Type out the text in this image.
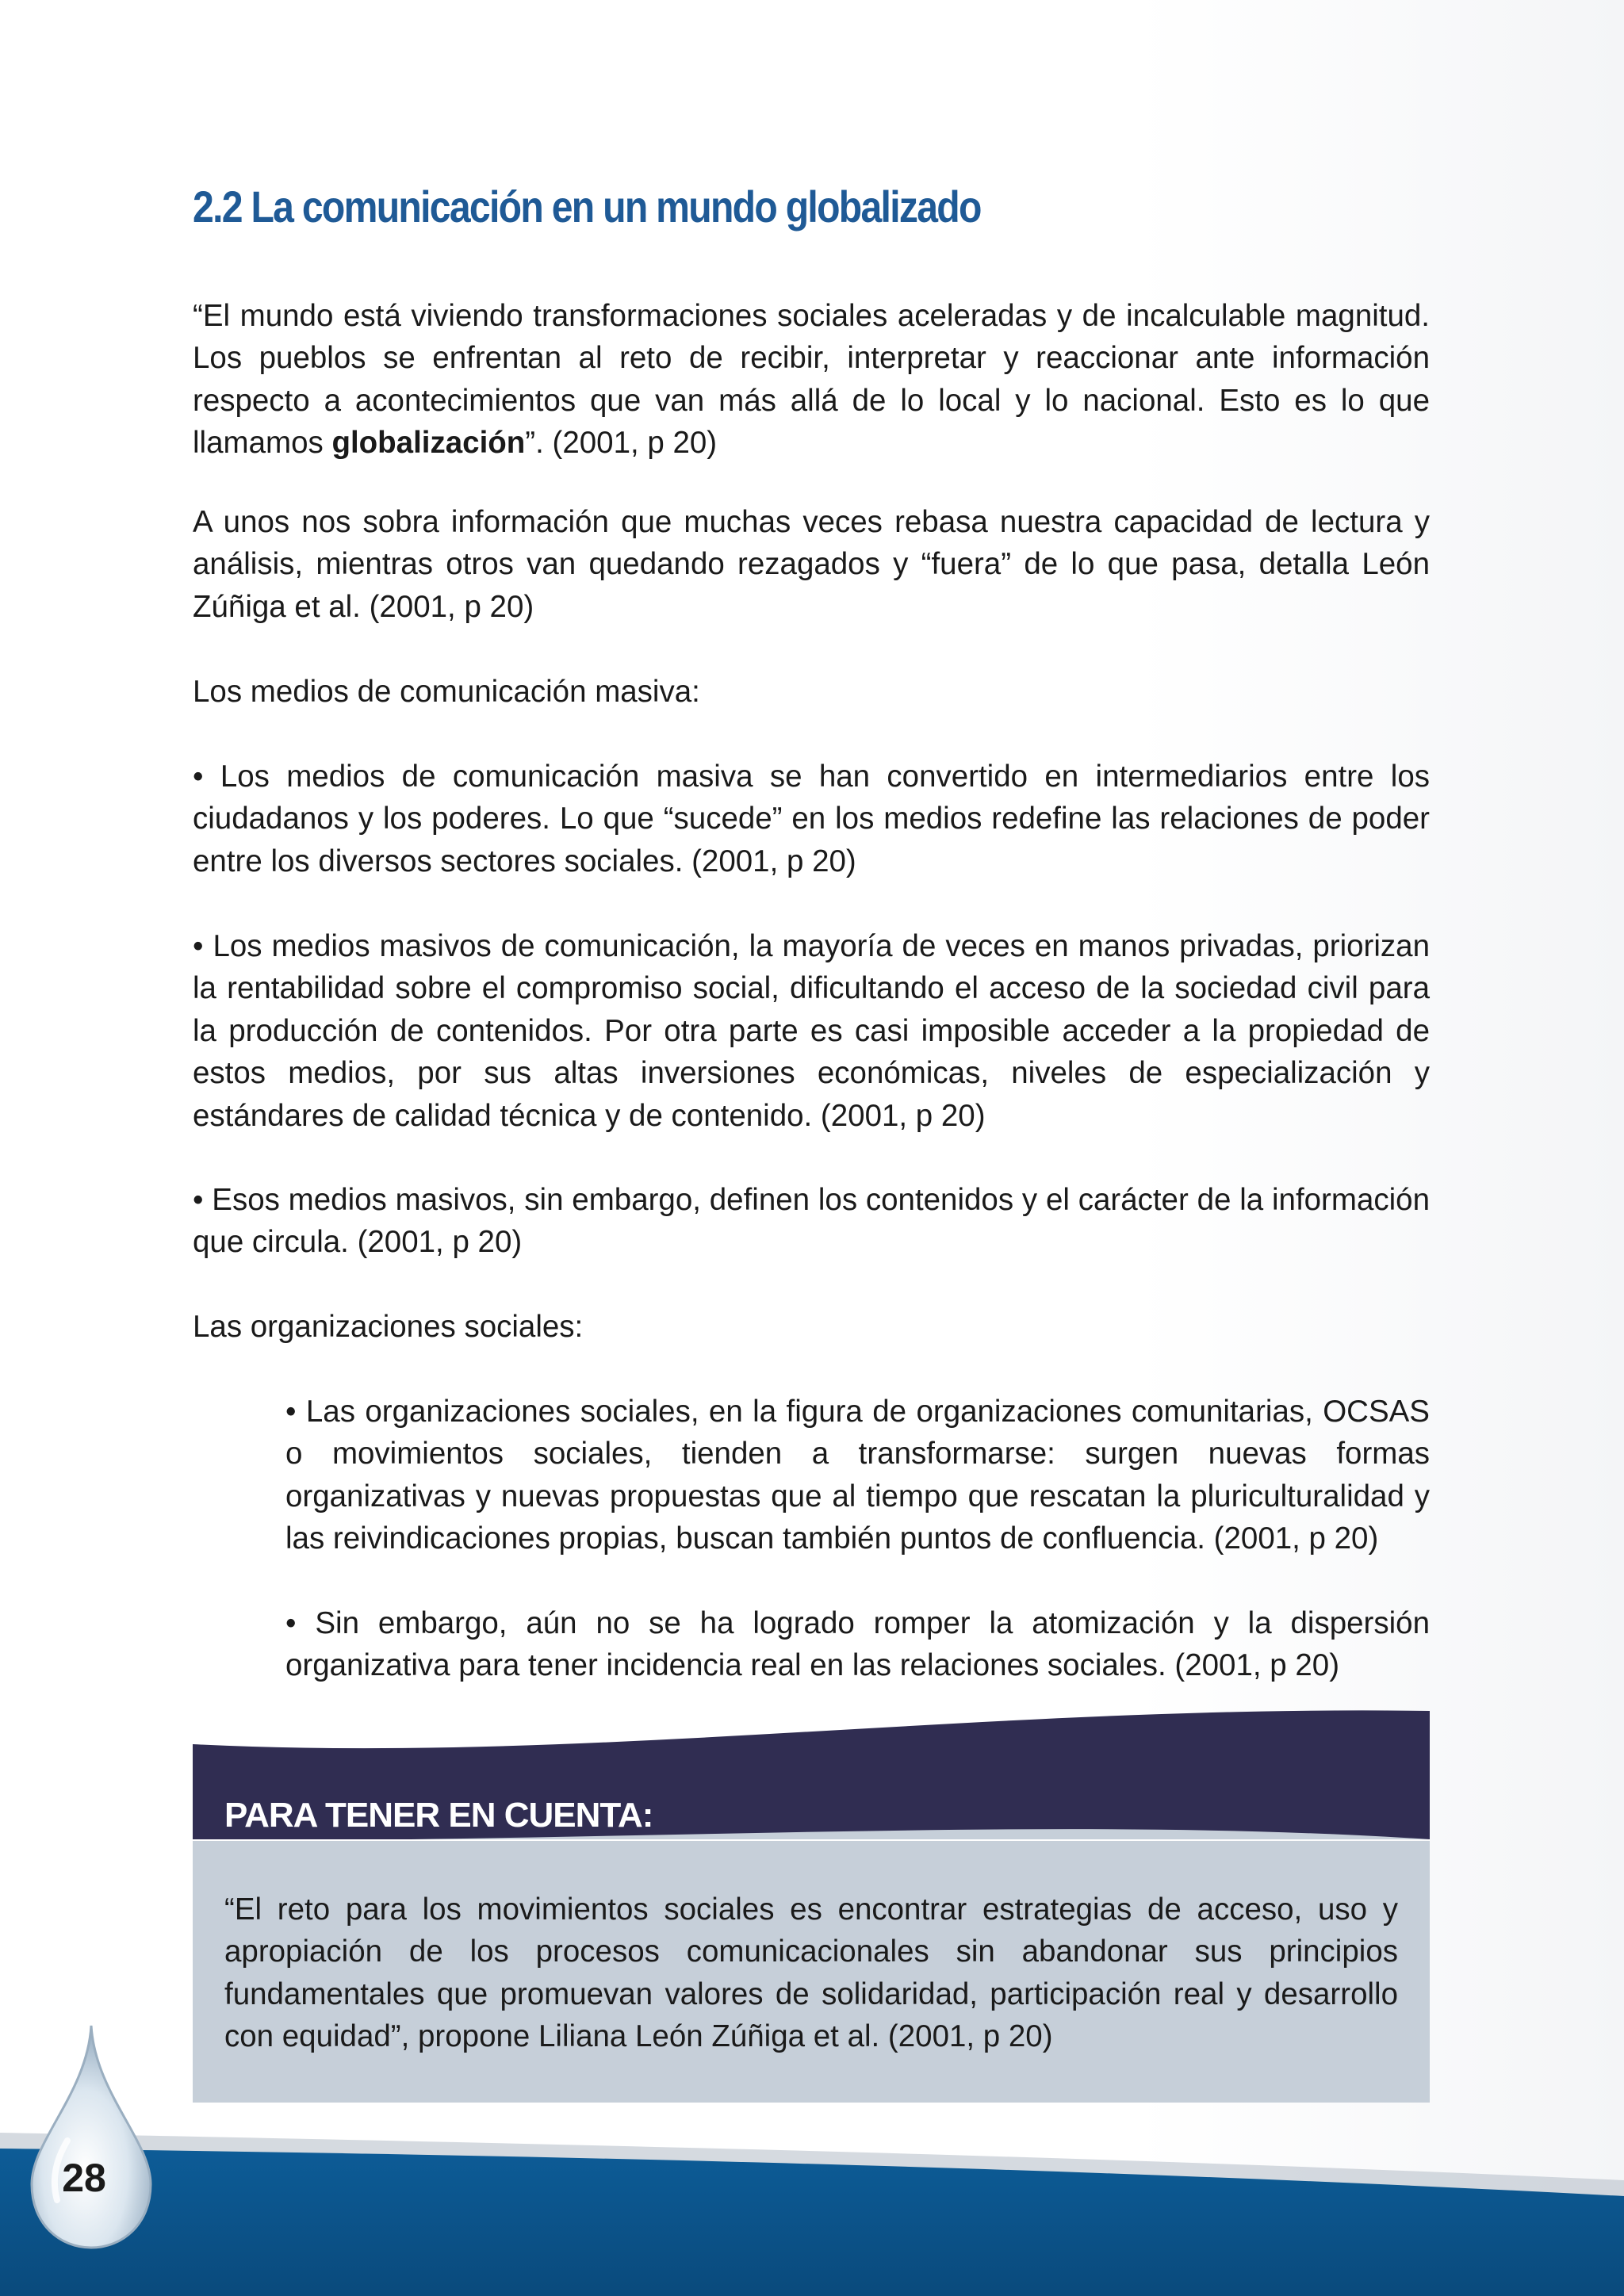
2.2 La comunicación en un mundo globalizado

“El mundo está viviendo transformaciones sociales aceleradas y de incalculable magnitud. Los pueblos se enfrentan al reto de recibir, interpretar y reaccionar ante información respecto a acontecimientos que van más allá de lo local y lo nacional. Esto es lo que llamamos globalización”. (2001, p 20)

A unos nos sobra información que muchas veces rebasa nuestra capacidad de lectura y análisis, mientras otros van quedando rezagados y “fuera” de lo que pasa, detalla León Zúñiga et al. (2001, p 20)

Los medios de comunicación masiva:

• Los medios de comunicación masiva se han convertido en intermediarios entre los ciudadanos y los poderes. Lo que “sucede” en los medios redefine las relaciones de poder entre los diversos sectores sociales. (2001, p 20)

• Los medios masivos de comunicación, la mayoría de veces en manos privadas, priorizan la rentabilidad sobre el compromiso social, dificultando el acceso de la sociedad civil para la producción de contenidos. Por otra parte es casi imposible acceder a la propiedad de estos medios, por sus altas inversiones económicas, niveles de especialización y estándares de calidad técnica y de contenido. (2001, p 20)

• Esos medios masivos, sin embargo, definen los contenidos y el carácter de la información que circula. (2001, p 20)

Las organizaciones sociales:

• Las organizaciones sociales, en la figura de organizaciones comunitarias, OCSAS o movimientos sociales, tienden a transformarse: surgen nuevas formas organizativas y nuevas propuestas que al tiempo que rescatan la pluriculturalidad y las reivindicaciones propias, buscan también puntos de confluencia. (2001, p 20)

• Sin embargo, aún no se ha logrado romper la atomización y la dispersión organizativa para tener incidencia real en las relaciones sociales. (2001, p 20)

PARA TENER EN CUENTA:

“El reto para los movimientos sociales es encontrar estrategias de acceso, uso y apropiación de los procesos comunicacionales sin abandonar sus principios fundamentales que promuevan valores de solidaridad, participación real y desarrollo con equidad”, propone Liliana León Zúñiga et al. (2001, p 20)

28
